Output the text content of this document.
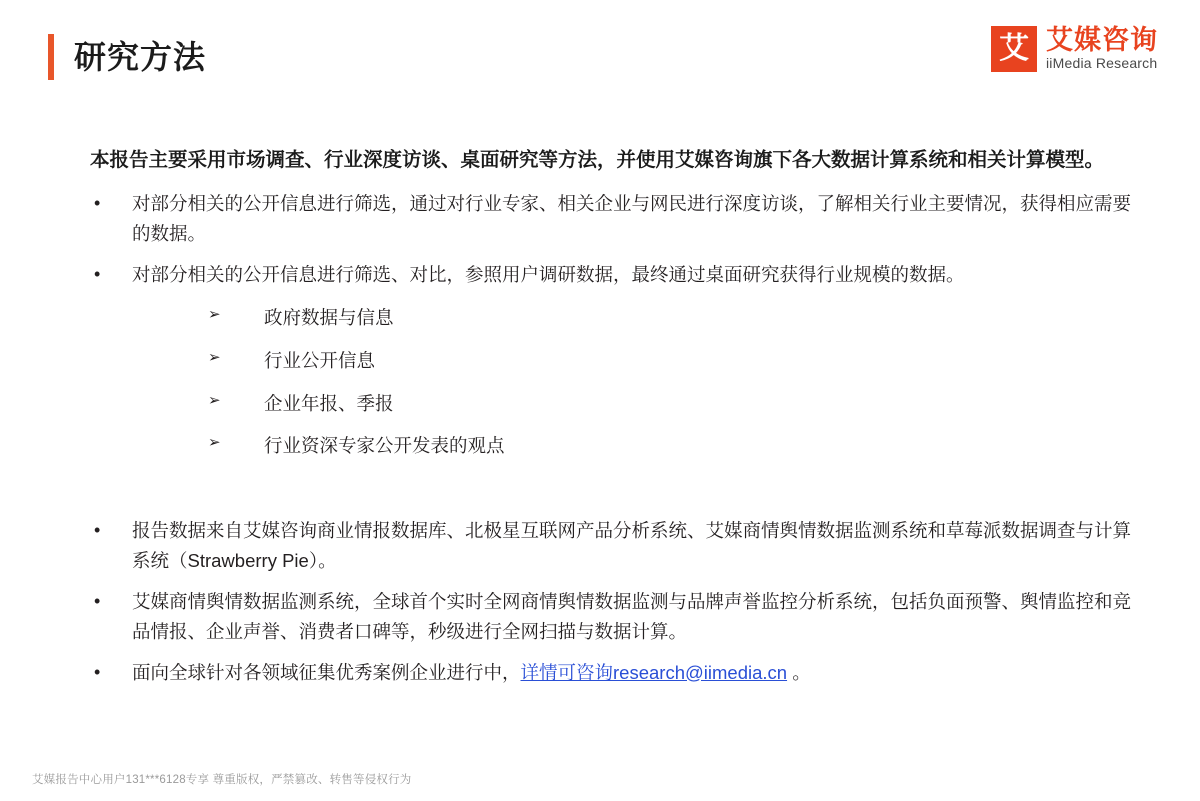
研究方法	艾 艾媒咨询
iiMedia Research
本报告主要采用市场调查、行业深度访谈、桌面研究等方法，并使用艾媒咨询旗下各大数据计算系统和相关计算模型。
•	对部分相关的公开信息进行筛选，通过对行业专家、相关企业与网民进行深度访谈，了解相关行业主要情况，获得相应需要的数据。
•	对部分相关的公开信息进行筛选、对比，参照用户调研数据，最终通过桌面研究获得行业规模的数据。
➢	政府数据与信息
➢	行业公开信息
➢	企业年报、季报
➢	行业资深专家公开发表的观点
•	报告数据来自艾媒咨询商业情报数据库、北极星互联网产品分析系统、艾媒商情舆情数据监测系统和草莓派数据调查与计算系统（Strawberry Pie）。
•	艾媒商情舆情数据监测系统，全球首个实时全网商情舆情数据监测与品牌声誉监控分析系统，包括负面预警、舆情监控和竞品情报、企业声誉、消费者口碑等，秒级进行全网扫描与数据计算。
•	面向全球针对各领域征集优秀案例企业进行中，详情可咨询research@iimedia.cn 。
艾媒报告中心用户131***6128专享 尊重版权，严禁篡改、转售等侵权行为
